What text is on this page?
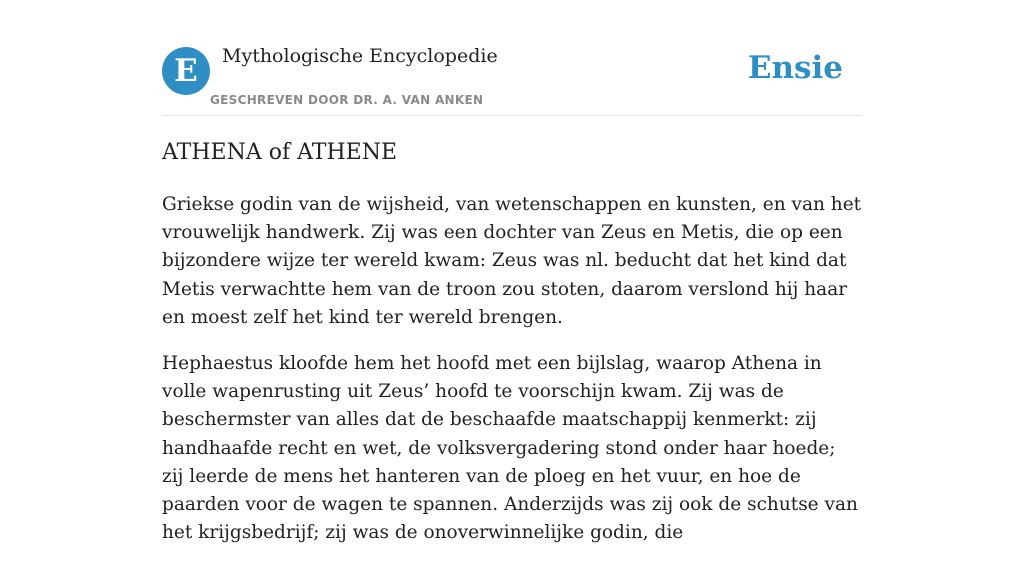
E	Mythologische Encyclopedie
GESCHREVEN DOOR DR. A. VAN ANKEN
Ensie
ATHENA of ATHENE

Griekse godin van de wijsheid, van wetenschappen en kunsten, en van het vrouwelijk handwerk. Zij was een dochter van Zeus en Metis, die op een bijzondere wijze ter wereld kwam: Zeus was nl. beducht dat het kind dat Metis verwachtte hem van de troon zou stoten, daarom verslond hij haar en moest zelf het kind ter wereld brengen.

Hephaestus kloofde hem het hoofd met een bijlslag, waarop Athena in volle wapenrusting uit Zeus’ hoofd te voorschijn kwam. Zij was de beschermster van alles dat de beschaafde maatschappij kenmerkt: zij handhaafde recht en wet, de volksvergadering stond onder haar hoede; zij leerde de mens het hanteren van de ploeg en het vuur, en hoe de paarden voor de wagen te spannen. Anderzijds was zij ook de schutse van het krijgsbedrijf; zij was de onoverwinnelijke godin, die
